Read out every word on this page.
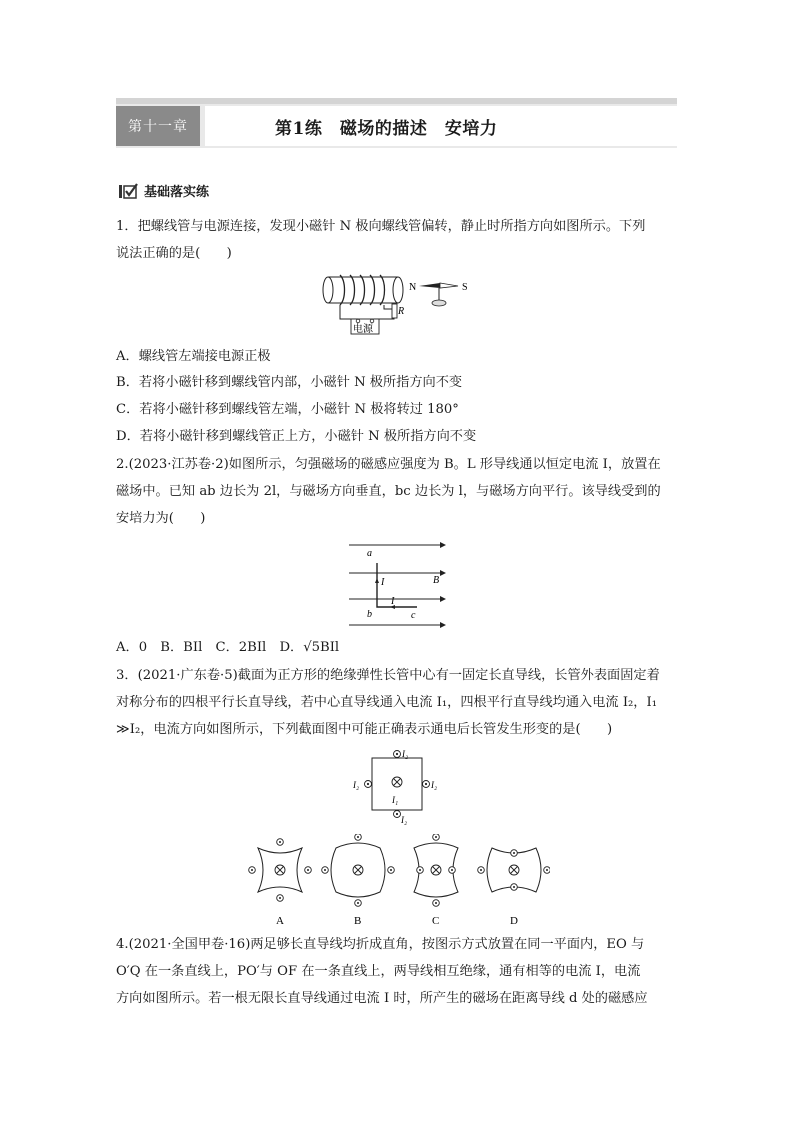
第十一章	第1练　磁场的描述　安培力
基础落实练
1．把螺线管与电源连接，发现小磁针 N 极向螺线管偏转，静止时所指方向如图所示。下列
说法正确的是(　　)
R
电源
N	S
A．螺线管左端接电源正极
B．若将小磁针移到螺线管内部，小磁针 N 极所指方向不变
C．若将小磁针移到螺线管左端，小磁针 N 极将转过 180°
D．若将小磁针移到螺线管正上方，小磁针 N 极所指方向不变
2.(2023·江苏卷·2)如图所示，匀强磁场的磁感应强度为 B。L 形导线通以恒定电流 I，放置在
磁场中。已知 ab 边长为 2l，与磁场方向垂直，bc 边长为 l，与磁场方向平行。该导线受到的
安培力为(　　)
a
b	c
I
I
B
A．0　B．BIl　C．2BIl　D．√5BIl
3．(2021·广东卷·5)截面为正方形的绝缘弹性长管中心有一固定长直导线，长管外表面固定着
对称分布的四根平行长直导线，若中心直导线通入电流 I₁，四根平行直导线均通入电流 I₂，I₁
≫I₂，电流方向如图所示，下列截面图中可能正确表示通电后长管发生形变的是(　　)
I₂
I₂	I₂
I₁
I₂
A	B	C	D
4.(2021·全国甲卷·16)两足够长直导线均折成直角，按图示方式放置在同一平面内，EO 与
O′Q 在一条直线上，PO′与 OF 在一条直线上，两导线相互绝缘，通有相等的电流 I，电流
方向如图所示。若一根无限长直导线通过电流 I 时，所产生的磁场在距离导线 d 处的磁感应
